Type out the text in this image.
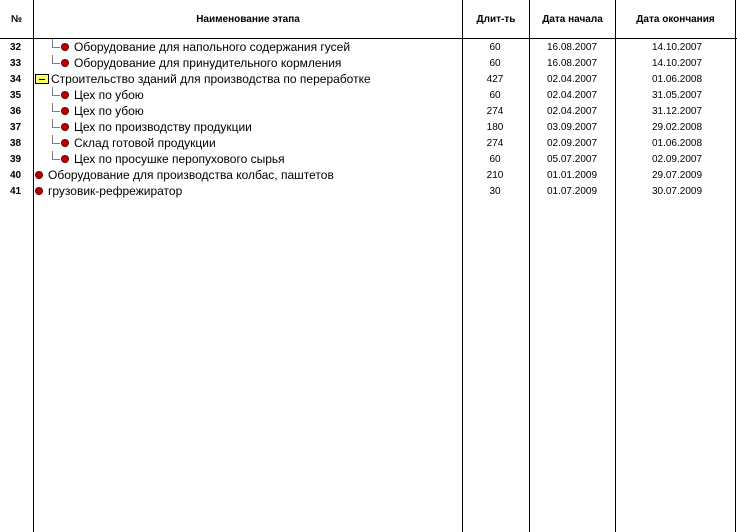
№	Наименование этапа	Длит-ть	Дата начала	Дата окончания
32	Оборудование для напольного содержания гусей	60	16.08.2007	14.10.2007
33	Оборудование для принудительного кормления	60	16.08.2007	14.10.2007
34	Строительство зданий для производства по переработке	427	02.04.2007	01.06.2008
35	Цех по убою	60	02.04.2007	31.05.2007
36	Цех по убою	274	02.04.2007	31.12.2007
37	Цех по производству продукции	180	03.09.2007	29.02.2008
38	Склад готовой продукции	274	02.09.2007	01.06.2008
39	Цех по просушке перопухового сырья	60	05.07.2007	02.09.2007
40	Оборудование для производства колбас, паштетов	210	01.01.2009	29.07.2009
41	грузовик-рефрежиратор	30	01.07.2009	30.07.2009
